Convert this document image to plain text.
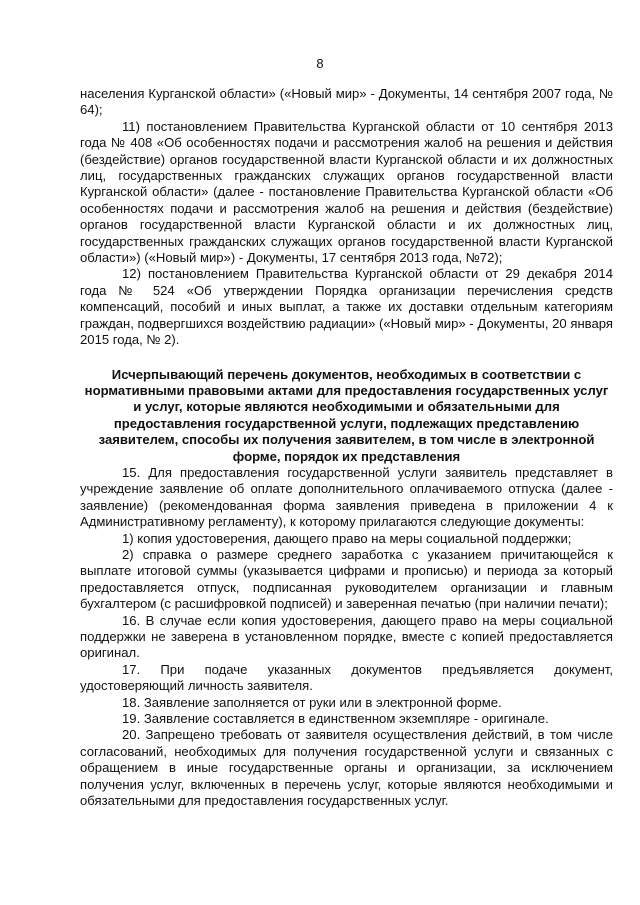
8

населения Курганской области» («Новый мир» - Документы, 14 сентября 2007 года, № 64);

11) постановлением Правительства Курганской области от 10 сентября 2013 года № 408 «Об особенностях подачи и рассмотрения жалоб на решения и действия (бездействие) органов государственной власти Курганской области и их должностных лиц, государственных гражданских служащих органов государственной власти Курганской области» (далее - постановление Правительства Курганской области «Об особенностях подачи и рассмотрения жалоб на решения и действия (бездействие) органов государственной власти Курганской области и их должностных лиц, государственных гражданских служащих органов государственной власти Курганской области») («Новый мир») - Документы, 17 сентября 2013 года, №72);

12) постановлением Правительства Курганской области от 29 декабря 2014 года № 524 «Об утверждении Порядка организации перечисления средств компенсаций, пособий и иных выплат, а также их доставки отдельным категориям граждан, подвергшихся воздействию радиации» («Новый мир» - Документы, 20 января 2015 года, № 2).

Исчерпывающий перечень документов, необходимых в соответствии с нормативными правовыми актами для предоставления государственных услуг и услуг, которые являются необходимыми и обязательными для предоставления государственной услуги, подлежащих представлению заявителем, способы их получения заявителем, в том числе в электронной форме, порядок их представления

15. Для предоставления государственной услуги заявитель представляет в учреждение заявление об оплате дополнительного оплачиваемого отпуска (далее - заявление) (рекомендованная форма заявления приведена в приложении 4 к Административному регламенту), к которому прилагаются следующие документы:

1) копия удостоверения, дающего право на меры социальной поддержки;

2) справка о размере среднего заработка с указанием причитающейся к выплате итоговой суммы (указывается цифрами и прописью) и периода за который предоставляется отпуск, подписанная руководителем организации и главным бухгалтером (с расшифровкой подписей) и заверенная печатью (при наличии печати);

16. В случае если копия удостоверения, дающего право на меры социальной поддержки не заверена в установленном порядке, вместе с копией предоставляется оригинал.

17. При подаче указанных документов предъявляется документ, удостоверяющий личность заявителя.

18. Заявление заполняется от руки или в электронной форме.

19. Заявление составляется в единственном экземпляре - оригинале.

20. Запрещено требовать от заявителя осуществления действий, в том числе согласований, необходимых для получения государственной услуги и связанных с обращением в иные государственные органы и организации, за исключением получения услуг, включенных в перечень услуг, которые являются необходимыми и обязательными для предоставления государственных услуг.
